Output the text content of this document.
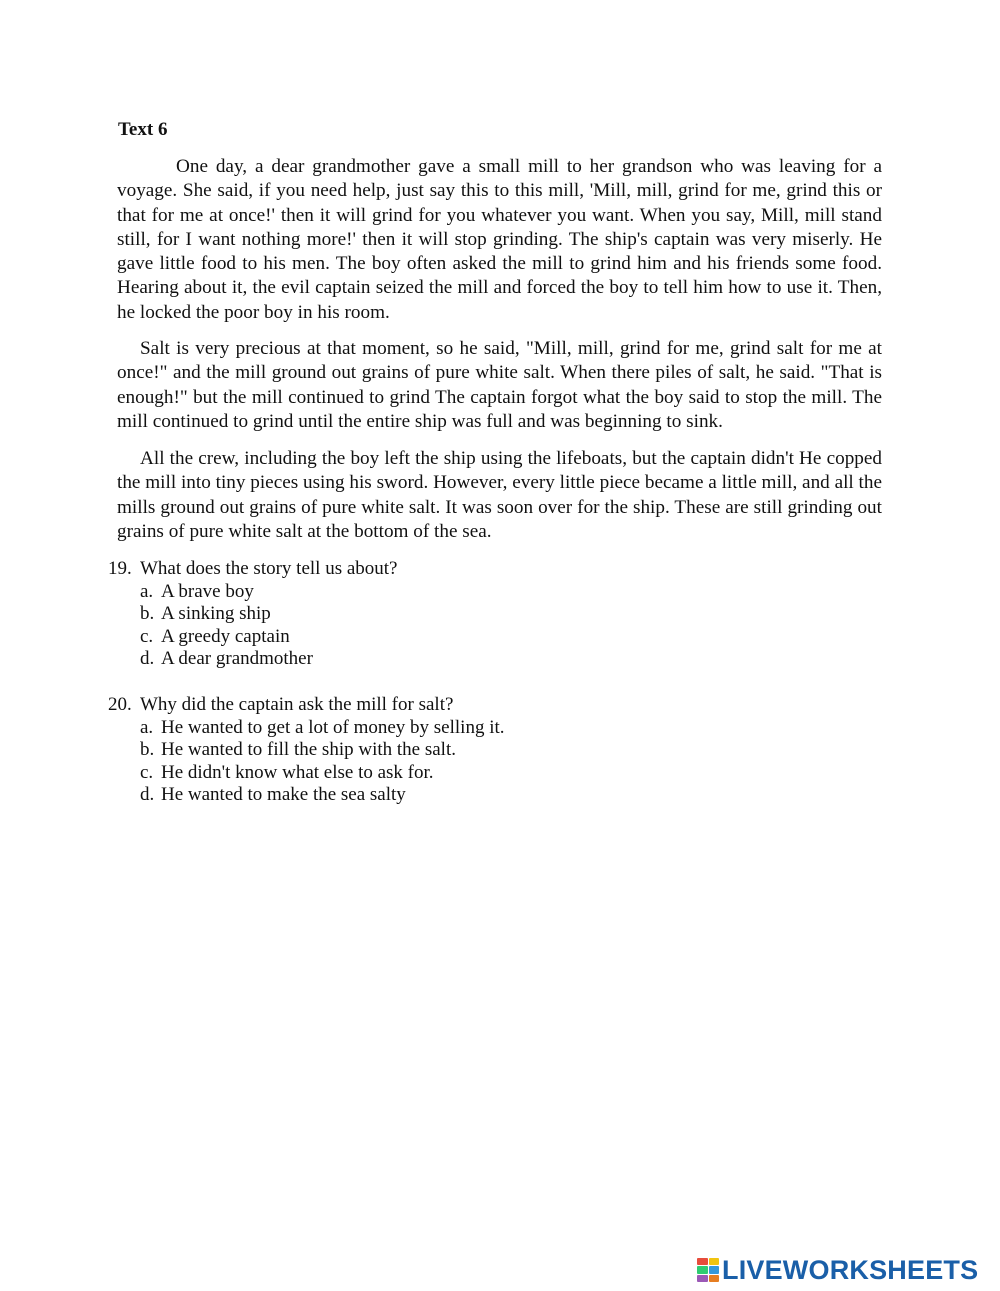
Text 6

One day, a dear grandmother gave a small mill to her grandson who was leaving for a voyage. She said, if you need help, just say this to this mill, 'Mill, mill, grind for me, grind this or that for me at once!' then it will grind for you whatever you want. When you say, Mill, mill stand still, for I want nothing more!' then it will stop grinding. The ship's captain was very miserly. He gave little food to his men. The boy often asked the mill to grind him and his friends some food. Hearing about it, the evil captain seized the mill and forced the boy to tell him how to use it. Then, he locked the poor boy in his room.

Salt is very precious at that moment, so he said, "Mill, mill, grind for me, grind salt for me at once!" and the mill ground out grains of pure white salt. When there piles of salt, he said. "That is enough!" but the mill continued to grind The captain forgot what the boy said to stop the mill. The mill continued to grind until the entire ship was full and was beginning to sink.

All the crew, including the boy left the ship using the lifeboats, but the captain didn't He copped the mill into tiny pieces using his sword. However, every little piece became a little mill, and all the mills ground out grains of pure white salt. It was soon over for the ship. These are still grinding out grains of pure white salt at the bottom of the sea.

19. What does the story tell us about?
a. A brave boy
b. A sinking ship
c. A greedy captain
d. A dear grandmother
20. Why did the captain ask the mill for salt?
a. He wanted to get a lot of money by selling it.
b. He wanted to fill the ship with the salt.
c. He didn't know what else to ask for.
d. He wanted to make the sea salty
LIVEWORKSHEETS
